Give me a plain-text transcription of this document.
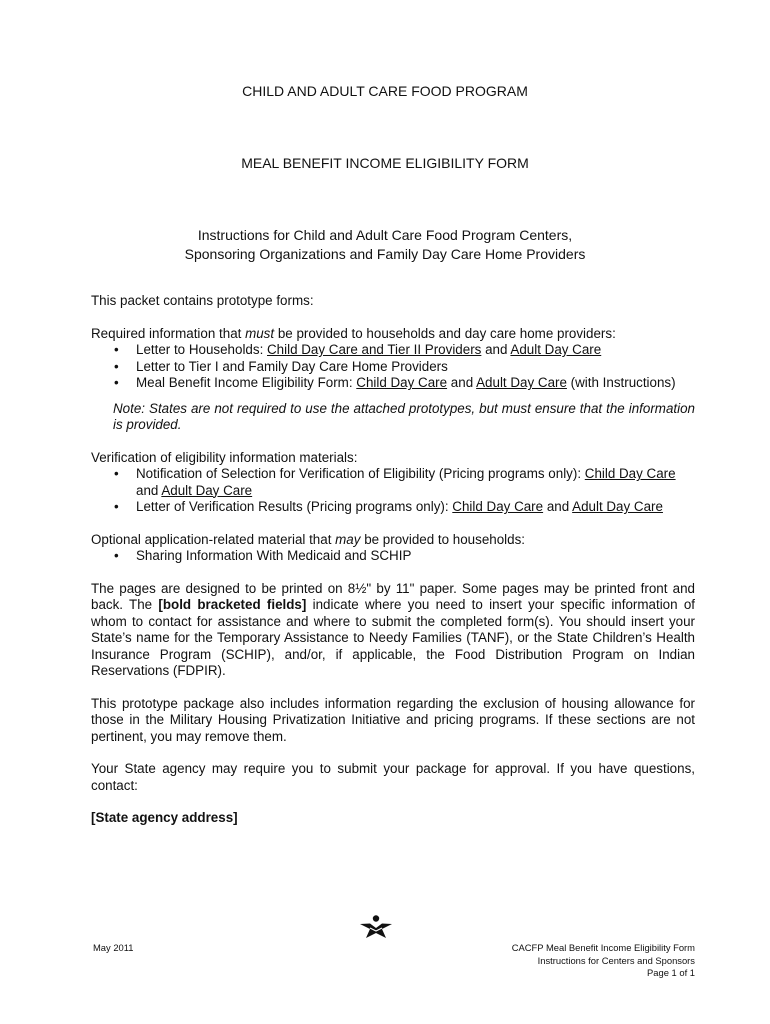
CHILD AND ADULT CARE FOOD PROGRAM
MEAL BENEFIT INCOME ELIGIBILITY FORM
Instructions for Child and Adult Care Food Program Centers,
Sponsoring Organizations and Family Day Care Home Providers

This packet contains prototype forms:

Required information that must be provided to households and day care home providers:

• Letter to Households: Child Day Care and Tier II Providers and Adult Day Care
• Letter to Tier I and Family Day Care Home Providers
• Meal Benefit Income Eligibility Form: Child Day Care and Adult Day Care (with Instructions)

Note: States are not required to use the attached prototypes, but must ensure that the information is provided.

Verification of eligibility information materials:

• Notification of Selection for Verification of Eligibility (Pricing programs only): Child Day Care and Adult Day Care
• Letter of Verification Results (Pricing programs only): Child Day Care and Adult Day Care

Optional application-related material that may be provided to households:

• Sharing Information With Medicaid and SCHIP

The pages are designed to be printed on 8½" by 11" paper. Some pages may be printed front and back. The [bold bracketed fields] indicate where you need to insert your specific information of whom to contact for assistance and where to submit the completed form(s). You should insert your State’s name for the Temporary Assistance to Needy Families (TANF), or the State Children’s Health Insurance Program (SCHIP), and/or, if applicable, the Food Distribution Program on Indian Reservations (FDPIR).

This prototype package also includes information regarding the exclusion of housing allowance for those in the Military Housing Privatization Initiative and pricing programs. If these sections are not pertinent, you may remove them.

Your State agency may require you to submit your package for approval. If you have questions, contact:

[State agency address]

May 2011	CACFP Meal Benefit Income Eligibility Form
Instructions for Centers and Sponsors
Page 1 of 1
